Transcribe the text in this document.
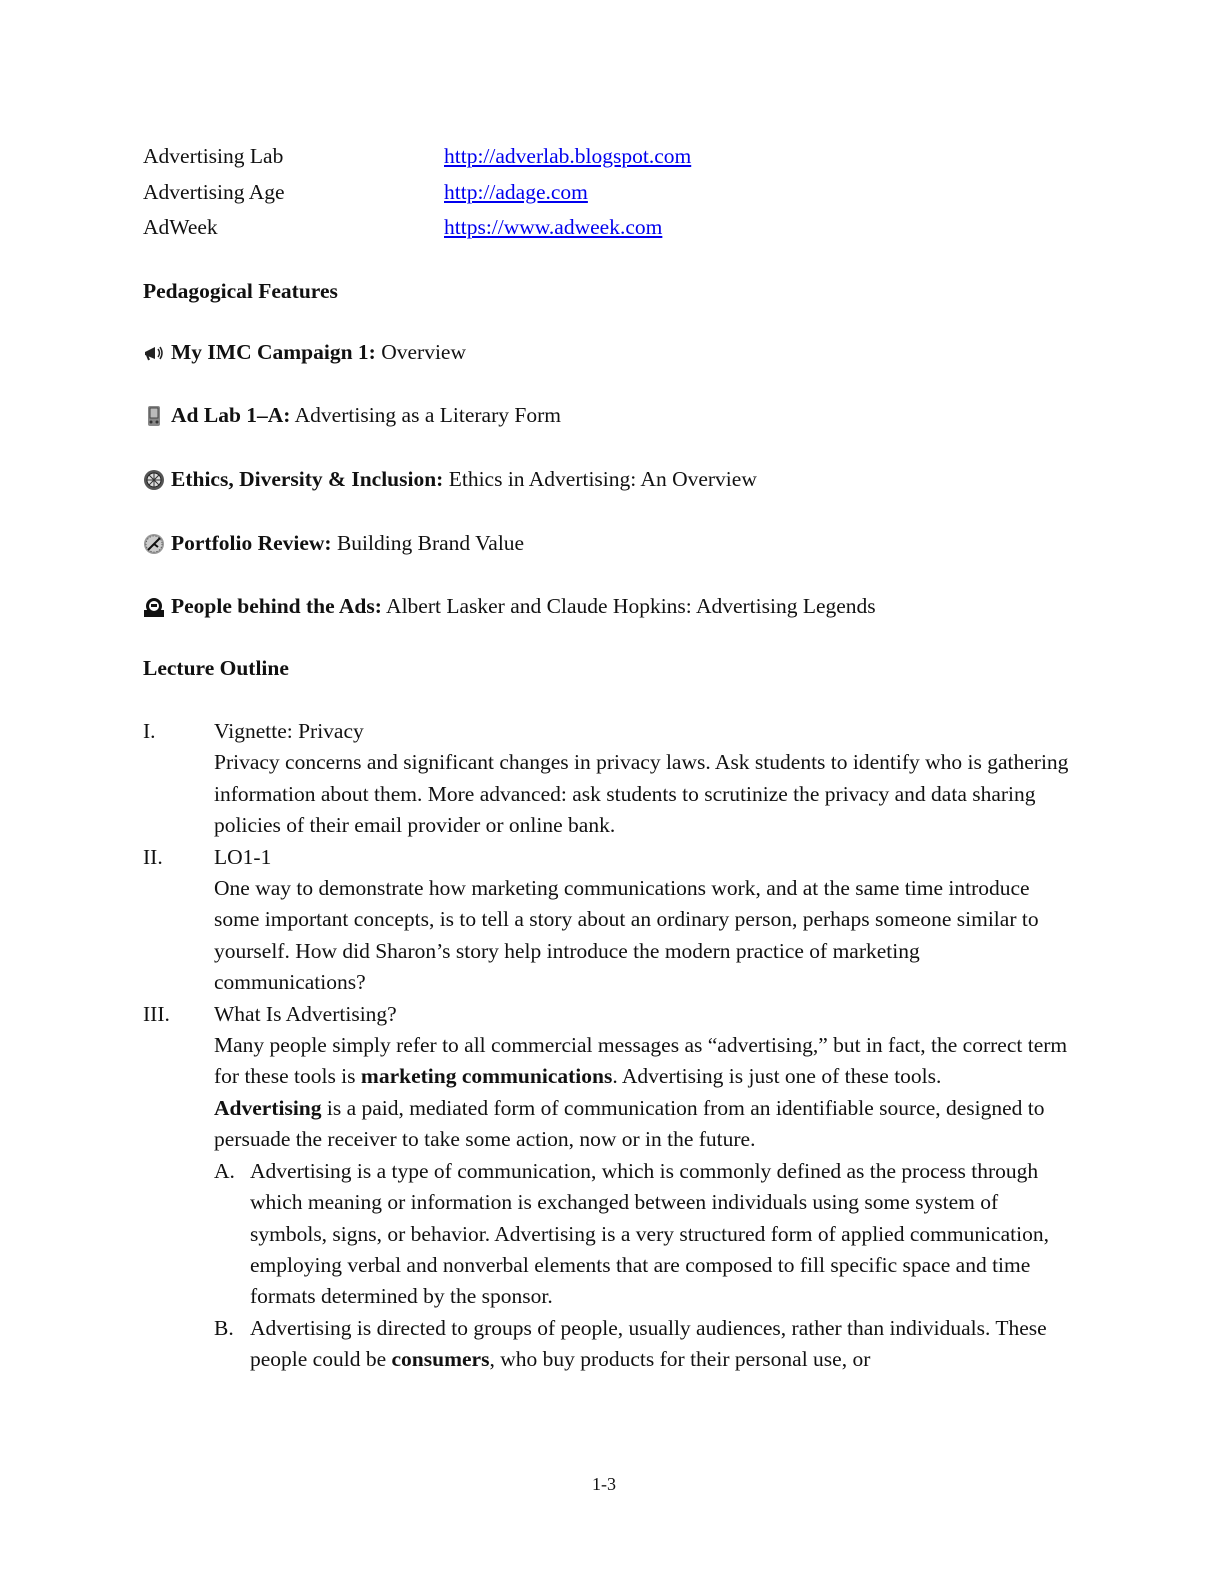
Advertising Lab	http://adverlab.blogspot.com
Advertising Age	http://adage.com
AdWeek	https://www.adweek.com
Pedagogical Features
My IMC Campaign 1: Overview
Ad Lab 1–A: Advertising as a Literary Form
Ethics, Diversity & Inclusion: Ethics in Advertising: An Overview
Portfolio Review: Building Brand Value
People behind the Ads: Albert Lasker and Claude Hopkins: Advertising Legends
Lecture Outline
I.	Vignette: Privacy

Privacy concerns and significant changes in privacy laws. Ask students to identify who is gathering information about them. More advanced: ask students to scrutinize the privacy and data sharing policies of their email provider or online bank.

II.	LO1-1

One way to demonstrate how marketing communications work, and at the same time introduce some important concepts, is to tell a story about an ordinary person, perhaps someone similar to yourself. How did Sharon’s story help introduce the modern practice of marketing communications?

III.	What Is Advertising?

Many people simply refer to all commercial messages as “advertising,” but in fact, the correct term for these tools is marketing communications. Advertising is just one of these tools.

Advertising is a paid, mediated form of communication from an identifiable source, designed to persuade the receiver to take some action, now or in the future.

A. Advertising is a type of communication, which is commonly defined as the process through which meaning or information is exchanged between individuals using some system of symbols, signs, or behavior. Advertising is a very structured form of applied communication, employing verbal and nonverbal elements that are composed to fill specific space and time formats determined by the sponsor.

B. Advertising is directed to groups of people, usually audiences, rather than individuals. These people could be consumers, who buy products for their personal use, or

1-3
